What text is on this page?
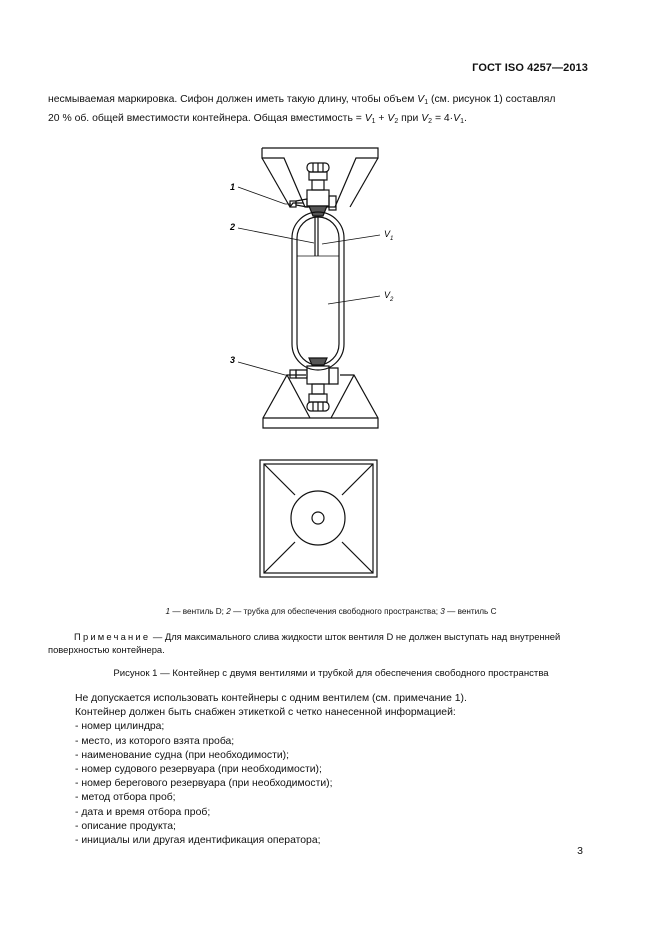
ГОСТ ISO 4257—2013
несмываемая маркировка. Сифон должен иметь такую длину, чтобы объем $V_1$ (см. рисунок 1) составлял
20 % об. общей вместимости контейнера. Общая вместимость = $V_1 + V_2$ при $V_2 = 4\cdot V_1$.
1
2
3
$V_1$
$V_2$
1 — вентиль D; 2 — трубка для обеспечения свободного пространства; 3 — вентиль С
Примечание — Для максимального слива жидкости шток вентиля D не должен выступать над внутренней поверхностью контейнера.
Рисунок 1 — Контейнер с двумя вентилями и трубкой для обеспечения свободного пространства
Не допускается использовать контейнеры с одним вентилем (см. примечание 1).
Контейнер должен быть снабжен этикеткой с четко нанесенной информацией:
- номер цилиндра;
- место, из которого взята проба;
- наименование судна (при необходимости);
- номер судового резервуара (при необходимости);
- номер берегового резервуара (при необходимости);
- метод отбора проб;
- дата и время отбора проб;
- описание продукта;
- инициалы или другая идентификация оператора;
3
